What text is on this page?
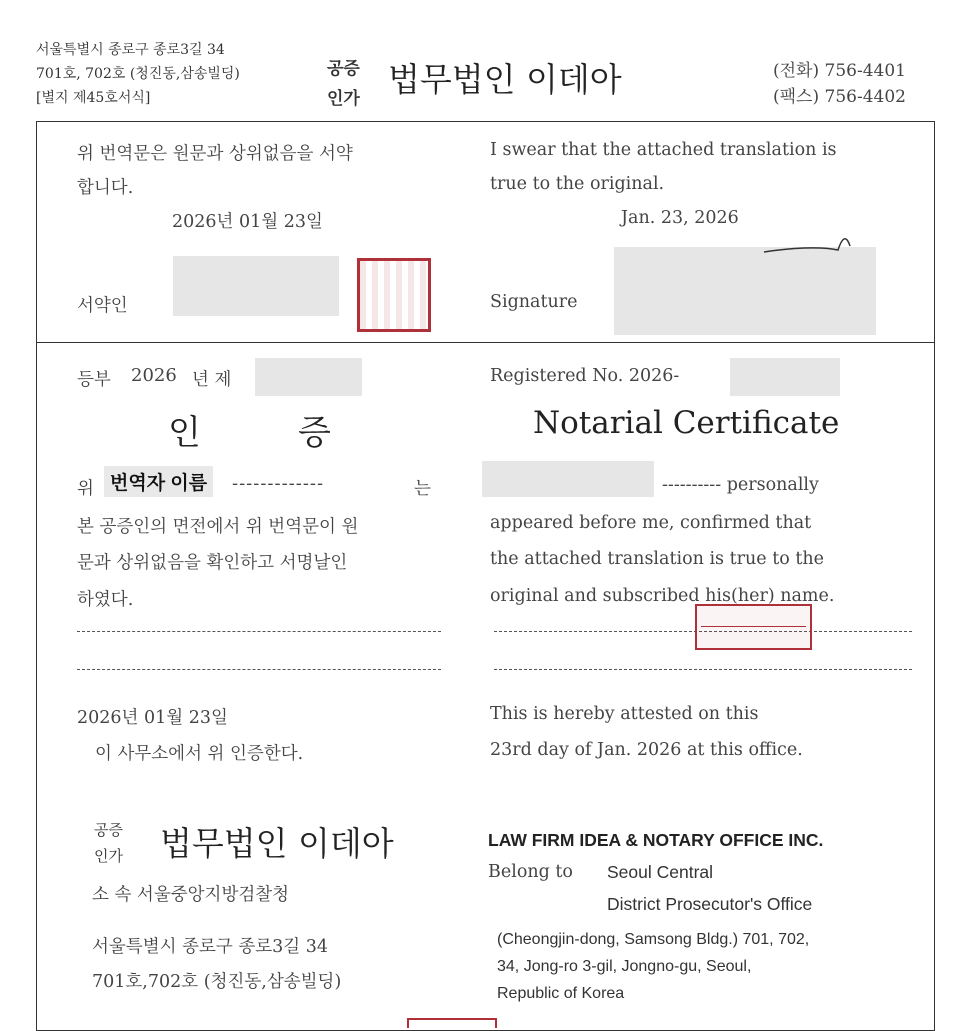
서울특별시 종로구 종로3길 34
701호, 702호 (청진동,삼송빌딩)
[별지 제45호서식]
공증
인가 법무법인 이데아	(전화) 756-4401
(팩스) 756-4402
위 번역문은 원문과 상위없음을 서약
합니다.
2026년 01월 23일
I swear that the attached translation is
true to the original.
Jan. 23, 2026
서약인	Signature
등부 2026 년 제	Registered No. 2026-
인	증	Notarial Certificate
위 번역자 이름	-------------	는
본 공증인의 면전에서 위 번역문이 원
문과 상위없음을 확인하고 서명날인
하였다.
---------- personally
appeared before me, confirmed that
the attached translation is true to the
original and subscribed his(her) name.
2026년 01월 23일
이 사무소에서 위 인증한다.
This is hereby attested on this
23rd day of Jan. 2026 at this office.
공증
인가 법무법인 이데아
소 속 서울중앙지방검찰청
서울특별시 종로구 종로3길 34
701호,702호 (청진동,삼송빌딩)
LAW FIRM IDEA & NOTARY OFFICE INC.
Belong to Seoul Central
District Prosecutor's Office
(Cheongjin-dong, Samsong Bldg.) 701, 702,
34, Jong-ro 3-gil, Jongno-gu, Seoul,
Republic of Korea
